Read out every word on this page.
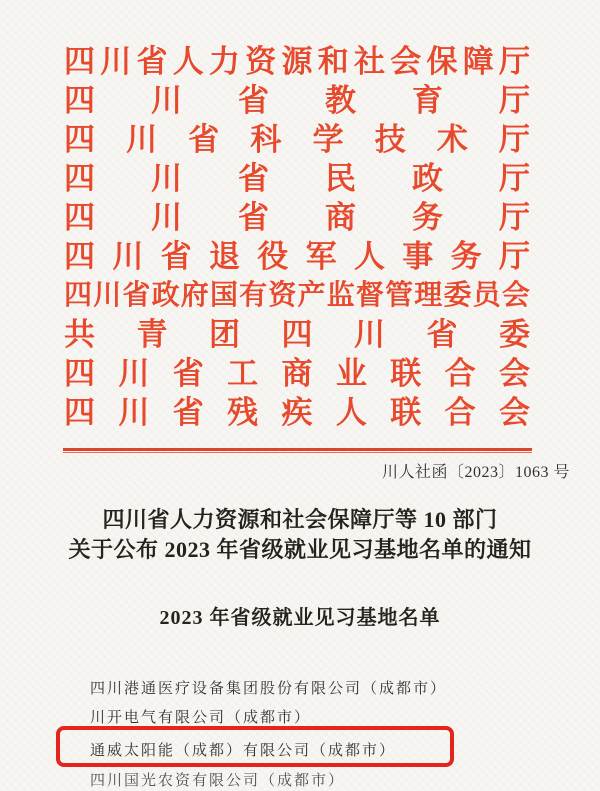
四 川 省 人 力 资 源 和 社 会 保 障 厅
四 川 省 教 育 厅
四 川 省 科 学 技 术 厅
四 川 省 民 政 厅
四 川 省 商 务 厅
四 川 省 退 役 军 人 事 务 厅
四 川 省 政 府 国 有 资 产 监 督 管 理 委 员 会
共 青 团 四 川 省 委
四 川 省 工 商 业 联 合 会
四 川 省 残 疾 人 联 合 会
川人社函〔2023〕1063 号
四川省人力资源和社会保障厅等 10 部门
关于公布 2023 年省级就业见习基地名单的通知
2023 年省级就业见习基地名单
四川港通医疗设备集团股份有限公司（成都市）
川开电气有限公司（成都市）
通威太阳能（成都）有限公司（成都市）
四川国光农资有限公司（成都市）
